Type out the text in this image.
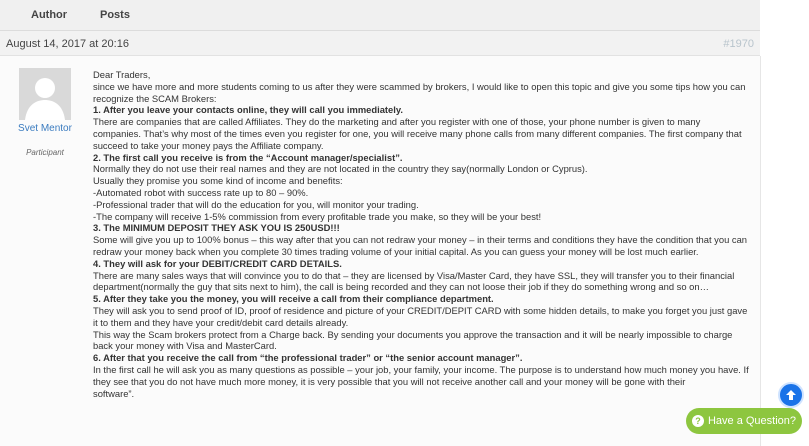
Author	Posts
August 14, 2017 at 20:16	#1970
Svet Mentor
Participant
Dear Traders,
since we have more and more students coming to us after they were scammed by brokers, I would like to open this topic and give you some tips how you can
recognize the SCAM Brokers:
1. After you leave your contacts online, they will call you immediately.
There are companies that are called Affiliates. They do the marketing and after you register with one of those, your phone number is given to many
companies. That’s why most of the times even you register for one, you will receive many phone calls from many different companies. The first company that
succeed to take your money pays the Affiliate company.
2. The first call you receive is from the “Account manager/specialist”.
Normally they do not use their real names and they are not located in the country they say(normally London or Cyprus).
Usually they promise you some kind of income and benefits:
-Automated robot with success rate up to 80 – 90%.
-Professional trader that will do the education for you, will monitor your trading.
-The company will receive 1-5% commission from every profitable trade you make, so they will be your best!
3. The MINIMUM DEPOSIT THEY ASK YOU IS 250USD!!!
Some will give you up to 100% bonus – this way after that you can not redraw your money – in their terms and conditions they have the condition that you can
redraw your money back when you complete 30 times trading volume of your initial capital. As you can guess your money will be lost much earlier.
4. They will ask for your DEBIT/CREDIT CARD DETAILS.
There are many sales ways that will convince you to do that – they are licensed by Visa/Master Card, they have SSL, they will transfer you to their financial
department(normally the guy that sits next to him), the call is being recorded and they can not loose their job if they do something wrong and so on…
5. After they take you the money, you will receive a call from their compliance department.
They will ask you to send proof of ID, proof of residence and picture of your CREDIT/DEPIT CARD with some hidden details, to make you forget you just gave
it to them and they have your credit/debit card details already.
This way the Scam brokers protect from a Charge back. By sending your documents you approve the transaction and it will be nearly impossible to charge
back your money with Visa and MasterCard.
6. After that you receive the call from “the professional trader” or “the senior account manager”.
In the first call he will ask you as many questions as possible – your job, your family, your income. The purpose is to understand how much money you have. If
they see that you do not have much more money, it is very possible that you will not receive another call and your money will be gone with their
software”.
? Have a Question?
